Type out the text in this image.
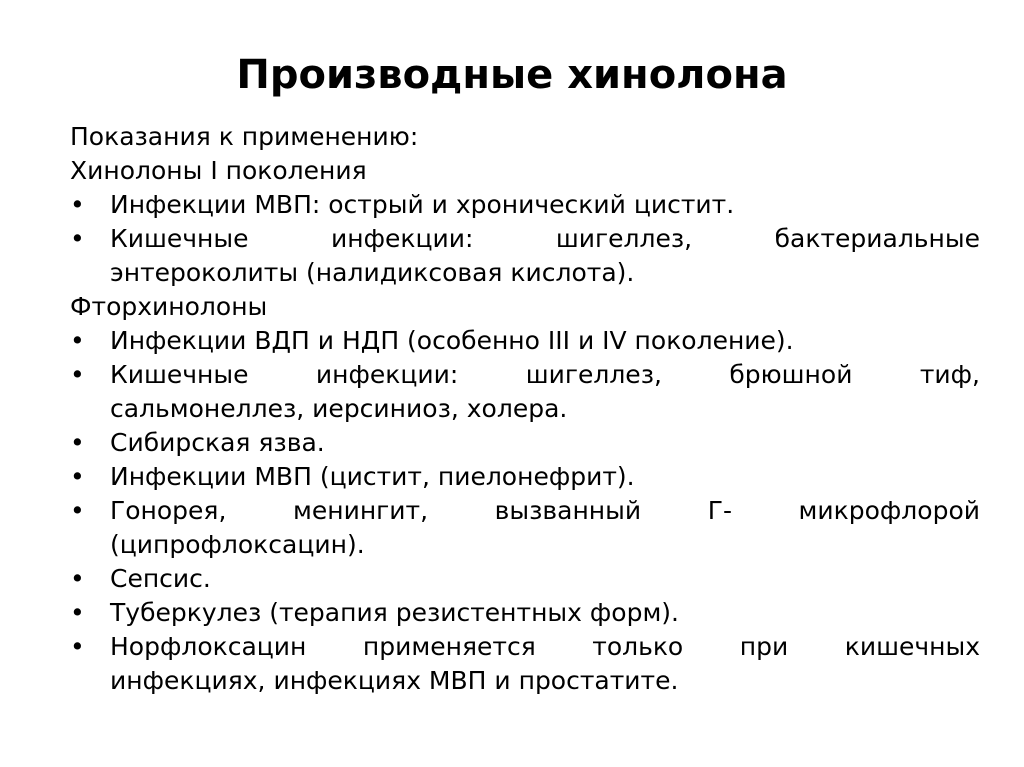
Производные хинолона
Показания к применению:
Хинолоны I поколения
• Инфекции МВП: острый и хронический цистит.
• Кишечные инфекции: шигеллез, бактериальные
энтероколиты (налидиксовая кислота).
Фторхинолоны
• Инфекции ВДП и НДП (особенно III и IV поколение).
• Кишечные инфекции: шигеллез, брюшной тиф,
сальмонеллез, иерсиниоз, холера.
• Сибирская язва.
• Инфекции МВП (цистит, пиелонефрит).
• Гонорея, менингит, вызванный Г- микрофлорой
(ципрофлоксацин).
• Сепсис.
• Туберкулез (терапия резистентных форм).
• Норфлоксацин применяется только при кишечных
инфекциях, инфекциях МВП и простатите.
